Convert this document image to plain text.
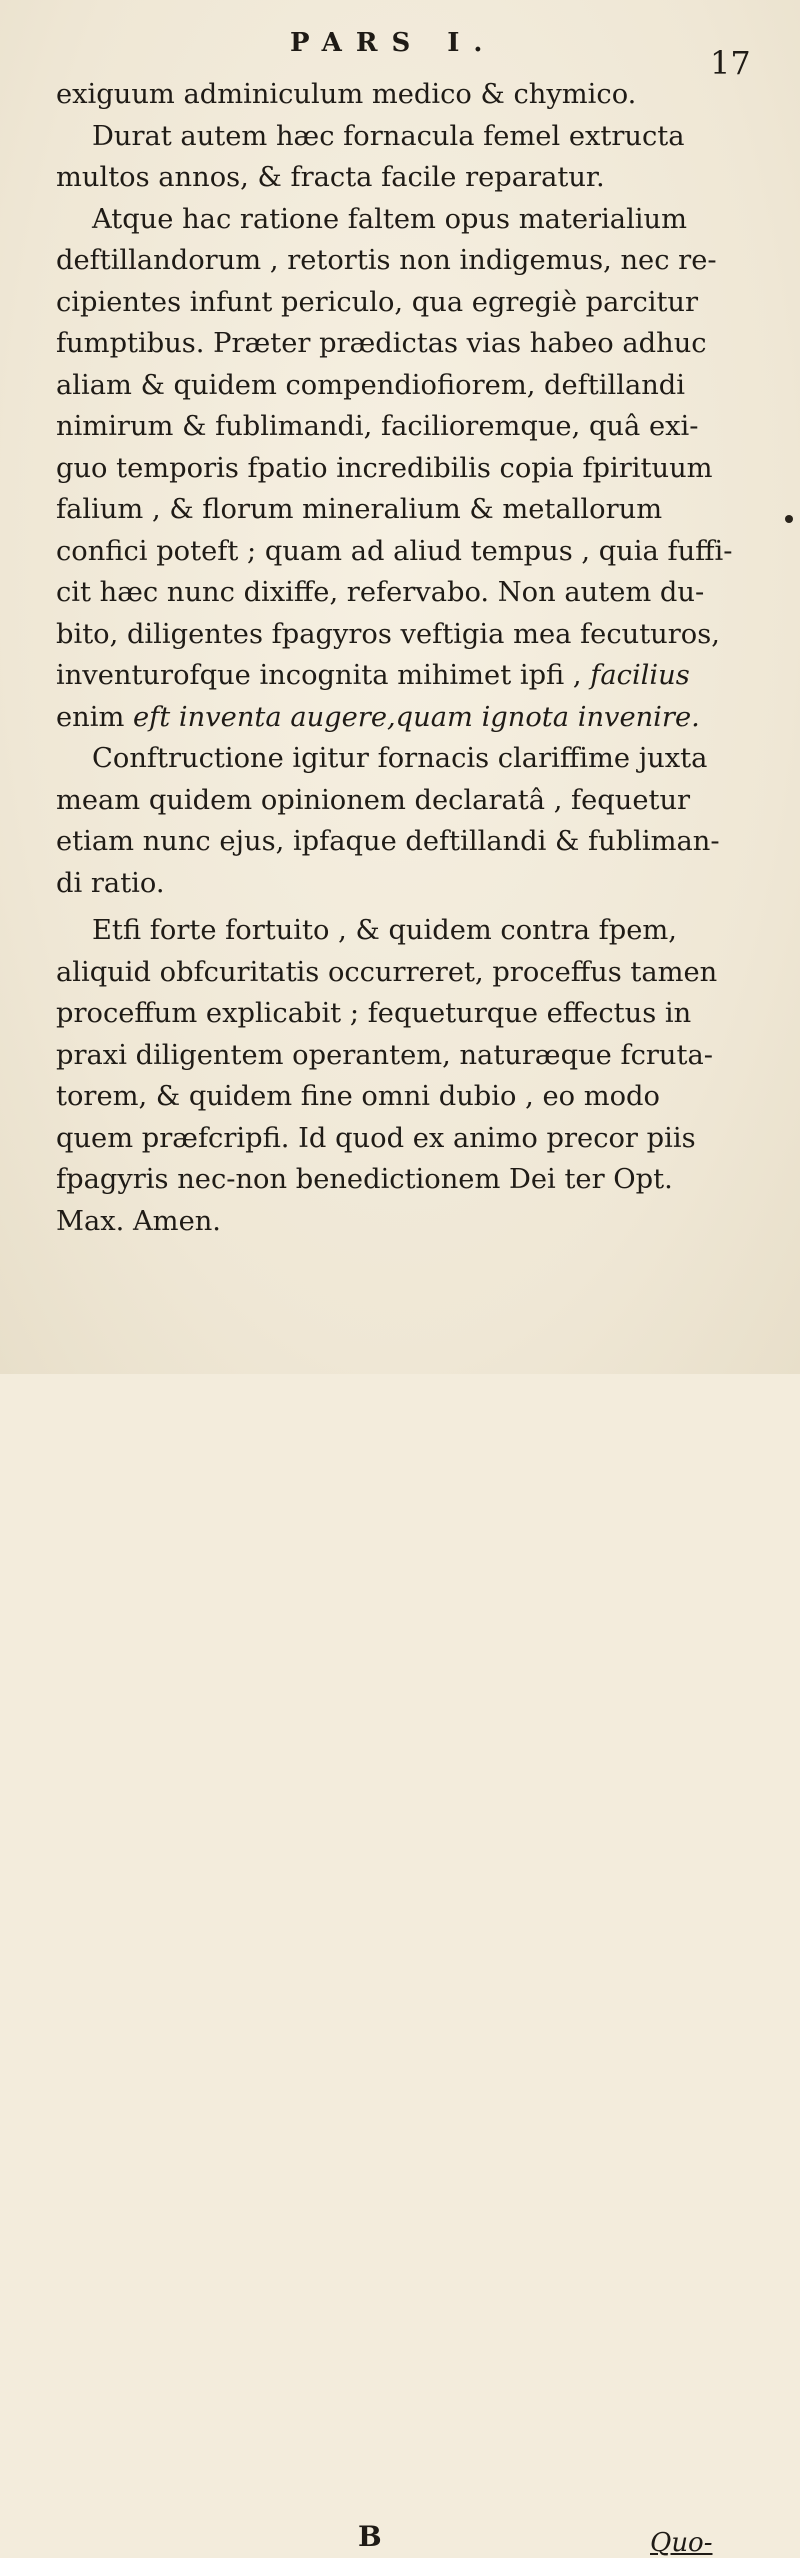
PARS I.
17
exiguum adminiculum medico & chymico.
Durat autem hæc fornacula femel extructa
multos annos, & fracta facile reparatur.
Atque hac ratione faltem opus materialium
deftillandorum , retortis non indigemus, nec re-
cipientes infunt periculo, qua egregiè parcitur
fumptibus. Præter prædictas vias habeo adhuc
aliam & quidem compendiofiorem, deftillandi
nimirum & fublimandi, facilioremque, quâ exi-
guo temporis fpatio incredibilis copia fpirituum
falium , & florum mineralium & metallorum
confici poteft ; quam ad aliud tempus , quia fuffi-
cit hæc nunc dixiffe, refervabo. Non autem du-
bito, diligentes fpagyros veftigia mea fecuturos,
inventurofque incognita mihimet ipfi , facilius
enim eft inventa augere,quam ignota invenire.
Conftructione igitur fornacis clariffime juxta
meam quidem opinionem declaratâ , fequetur
etiam nunc ejus, ipfaque deftillandi & fubliman-
di ratio.
Etfi forte fortuito , & quidem contra fpem,
aliquid obfcuritatis occurreret, proceffus tamen
proceffum explicabit ; fequeturque effectus in
praxi diligentem operantem, naturæque fcruta-
torem, & quidem fine omni dubio , eo modo
quem præfcripfi. Id quod ex animo precor piis
fpagyris nec-non benedictionem Dei ter Opt.
Max. Amen.
B	Quo-
